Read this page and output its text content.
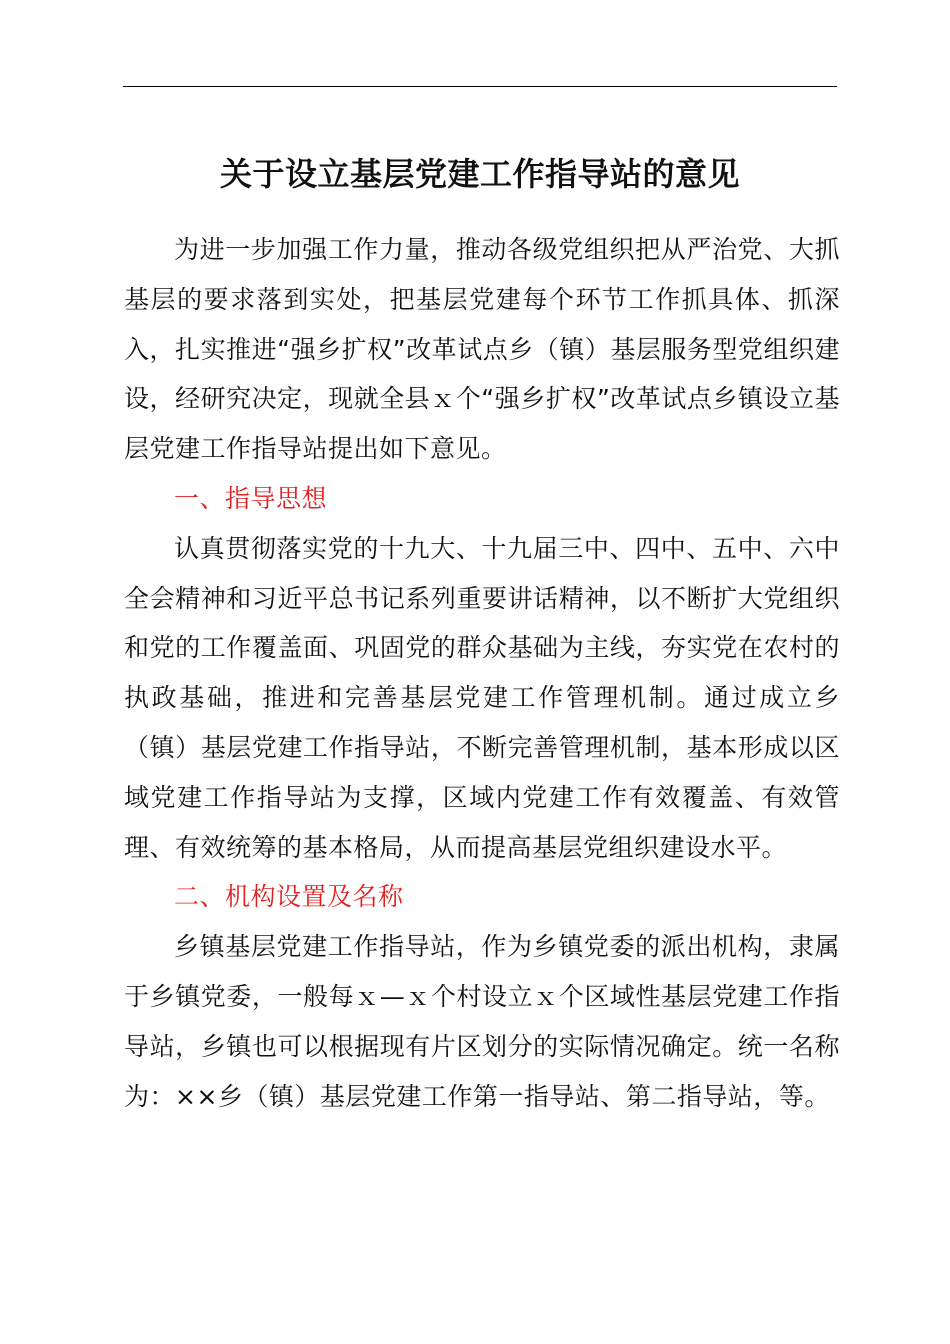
关于设立基层党建工作指导站的意见

为进一步加强工作力量，推动各级党组织把从严治党、大抓基层的要求落到实处，把基层党建每个环节工作抓具体、抓深入，扎实推进“强乡扩权”改革试点乡（镇）基层服务型党组织建设，经研究决定，现就全县ｘ个“强乡扩权”改革试点乡镇设立基层党建工作指导站提出如下意见。

一、指导思想

认真贯彻落实党的十九大、十九届三中、四中、五中、六中全会精神和习近平总书记系列重要讲话精神，以不断扩大党组织和党的工作覆盖面、巩固党的群众基础为主线，夯实党在农村的执政基础，推进和完善基层党建工作管理机制。通过成立乡（镇）基层党建工作指导站，不断完善管理机制，基本形成以区域党建工作指导站为支撑，区域内党建工作有效覆盖、有效管理、有效统筹的基本格局，从而提高基层党组织建设水平。

二、机构设置及名称

乡镇基层党建工作指导站，作为乡镇党委的派出机构，隶属于乡镇党委，一般每ｘ—ｘ个村设立ｘ个区域性基层党建工作指导站，乡镇也可以根据现有片区划分的实际情况确定。统一名称为：××乡（镇）基层党建工作第一指导站、第二指导站，等。
